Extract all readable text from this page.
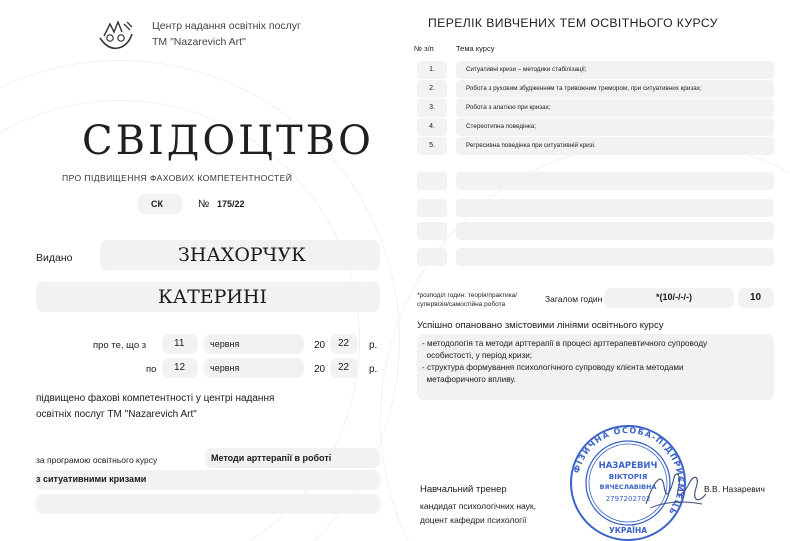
Центр надання освітніх послуг
ТМ "Nazarevich Art"
СВІДОЦТВО
ПРО ПІДВИЩЕННЯ ФАХОВИХ КОМПЕТЕНТНОСТЕЙ
СК	№ 175/22
Видано	ЗНАХОРЧУК
КАТЕРИНІ
про те, що з	11	червня	20 22 р.
по 12	червня	20 22 р.
підвищено фахові компетентності у центрі надання
освітніх послуг ТМ "Nazarevich Art"
за програмою освітнього курсу	Методи арттерапії в роботі
з ситуативними кризами
ПЕРЕЛІК ВИВЧЕНИХ ТЕМ ОСВІТНЬОГО КУРСУ
№ з/п	Тема курсу
1.	Ситуативні кризи – методики стабілізації;
2.	Робота з руховим збудженням та тривожним тремором, при ситуативних кризах;
3.	Робота з апатією при кризах;
4.	Стереотипна поведінка;
5.	Регресивна поведінка при ситуативній кризі.
*розподіл годин: теорія/практика/
супервізія/самостійна робота
Загалом годин	*(10/-/-/-)	10
Успішно опановано змістовими лініями освітнього курсу
- методологія та методи арттерапії в процесі арттерапевтичного супроводу
особистості, у період кризи;
- структура формування психологічного супроводу клієнта методами
метафоричного впливу.
Навчальний тренер
кандидат психологічних наук,
доцент кафедри психології
В.В. Назаревич
ФІЗИЧНА ОСОБА-ПІДПРИЄМЕЦЬ
НАЗАРЕВИЧ
ВІКТОРІЯ
ВЯЧЕСЛАВІВНА
2797202703
УКРАЇНА
